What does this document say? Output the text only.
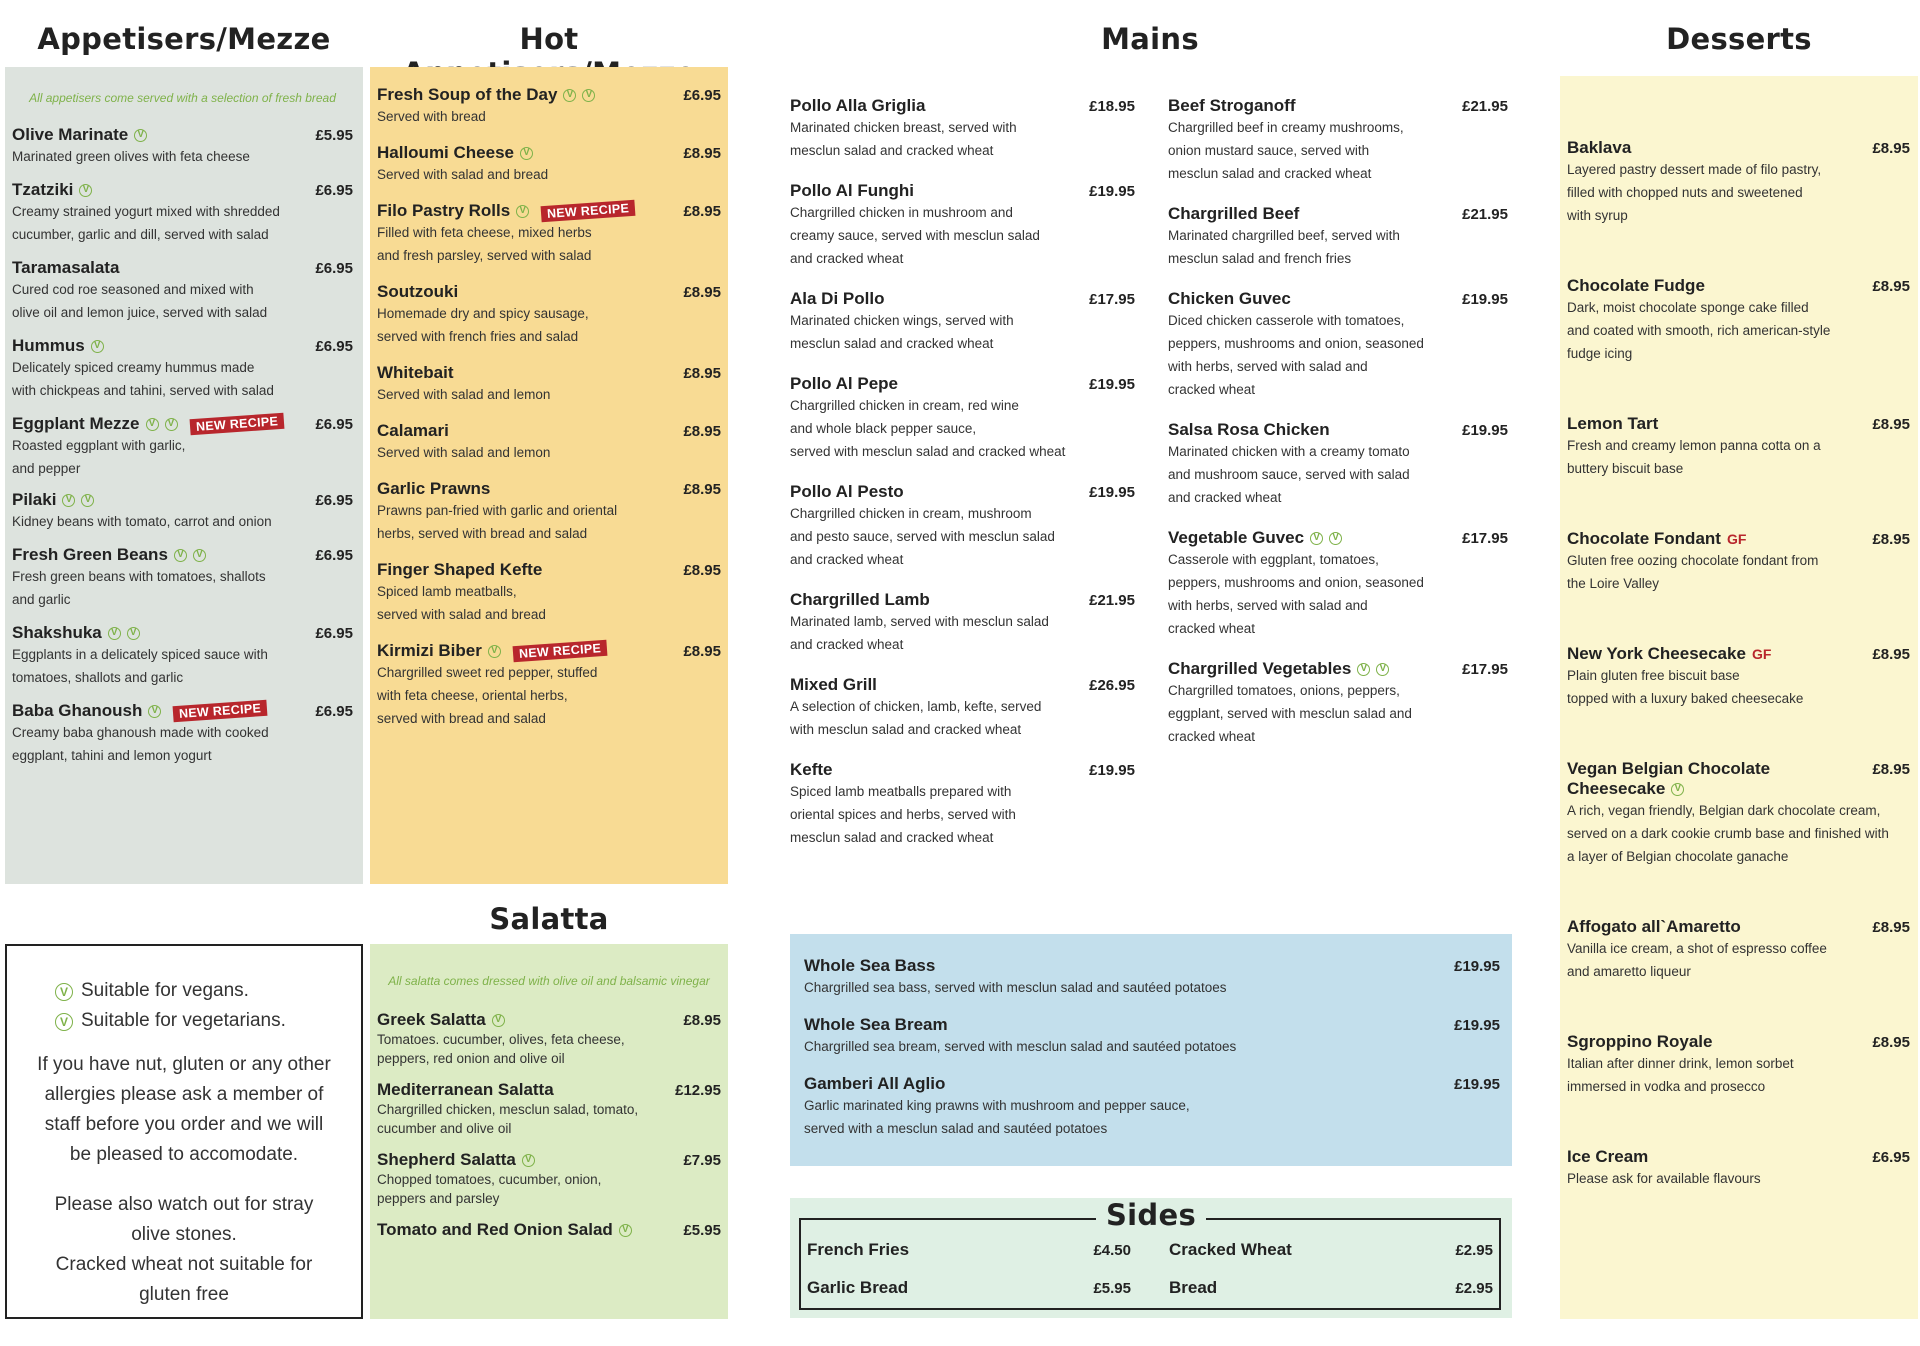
Appetisers/Mezze	Hot	Mains	Desserts
Salatta
All appetisers come served with a selection of fresh bread
Olive Marinate V	£5.95
Marinated green olives with feta cheese
Tzatziki V	£6.95
Creamy strained yogurt mixed with shredded
cucumber, garlic and dill, served with salad
Taramasalata	£6.95
Cured cod roe seasoned and mixed with
olive oil and lemon juice, served with salad
Hummus V	£6.95
Delicately spiced creamy hummus made
with chickpeas and tahini, served with salad
Eggplant Mezze V	V	NEW RECIPE	£6.95
Roasted eggplant with garlic,
and pepper
Pilaki V	V	£6.95
Kidney beans with tomato, carrot and onion
Fresh Green Beans V	V	£6.95
Fresh green beans with tomatoes, shallots
and garlic
Shakshuka V	V	£6.95
Eggplants in a delicately spiced sauce with
tomatoes, shallots and garlic
Baba Ghanoush V	NEW RECIPE	£6.95
Creamy baba ghanoush made with cooked
eggplant, tahini and lemon yogurt
Fresh Soup of the Day V	V	£6.95
Served with bread
Halloumi Cheese V	£8.95
Served with salad and bread
Filo Pastry Rolls V	NEW RECIPE	£8.95
Filled with feta cheese, mixed herbs
and fresh parsley, served with salad
Soutzouki	£8.95
Homemade dry and spicy sausage,
served with french fries and salad
Whitebait	£8.95
Served with salad and lemon
Calamari	£8.95
Served with salad and lemon
Garlic Prawns	£8.95
Prawns pan-fried with garlic and oriental
herbs, served with bread and salad
Finger Shaped Kefte	£8.95
Spiced lamb meatballs,
served with salad and bread
Kirmizi Biber V	NEW RECIPE	£8.95
Chargrilled sweet red pepper, stuffed
with feta cheese, oriental herbs,
served with bread and salad
V Suitable for vegans.
V Suitable for vegetarians.
If you have nut, gluten or any other
allergies please ask a member of
staff before you order and we will
be pleased to accomodate.
Please also watch out for stray
olive stones.
Cracked wheat not suitable for
gluten free
All salatta comes dressed with olive oil and balsamic vinegar
Greek Salatta V	£8.95
Tomatoes. cucumber, olives, feta cheese,
peppers, red onion and olive oil
Mediterranean Salatta	£12.95
Chargrilled chicken, mesclun salad, tomato,
cucumber and olive oil
Shepherd Salatta V	£7.95
Chopped tomatoes, cucumber, onion,
peppers and parsley
Tomato and Red Onion Salad V	£5.95
Pollo Alla Griglia	£18.95
Marinated chicken breast, served with
mesclun salad and cracked wheat
Pollo Al Funghi	£19.95
Chargrilled chicken in mushroom and
creamy sauce, served with mesclun salad
and cracked wheat
Ala Di Pollo	£17.95
Marinated chicken wings, served with
mesclun salad and cracked wheat
Pollo Al Pepe	£19.95
Chargrilled chicken in cream, red wine
and whole black pepper sauce,
served with mesclun salad and cracked wheat
Pollo Al Pesto	£19.95
Chargrilled chicken in cream, mushroom
and pesto sauce, served with mesclun salad
and cracked wheat
Chargrilled Lamb	£21.95
Marinated lamb, served with mesclun salad
and cracked wheat
Mixed Grill	£26.95
A selection of chicken, lamb, kefte, served
with mesclun salad and cracked wheat
Kefte	£19.95
Spiced lamb meatballs prepared with
oriental spices and herbs, served with
mesclun salad and cracked wheat
Beef Stroganoff	£21.95
Chargrilled beef in creamy mushrooms,
onion mustard sauce, served with
mesclun salad and cracked wheat
Chargrilled Beef	£21.95
Marinated chargrilled beef, served with
mesclun salad and french fries
Chicken Guvec	£19.95
Diced chicken casserole with tomatoes,
peppers, mushrooms and onion, seasoned
with herbs, served with salad and
cracked wheat
Salsa Rosa Chicken	£19.95
Marinated chicken with a creamy tomato
and mushroom sauce, served with salad
and cracked wheat
Vegetable Guvec V	V	£17.95
Casserole with eggplant, tomatoes,
peppers, mushrooms and onion, seasoned
with herbs, served with salad and
cracked wheat
Chargrilled Vegetables V	V	£17.95
Chargrilled tomatoes, onions, peppers,
eggplant, served with mesclun salad and
cracked wheat
Whole Sea Bass	£19.95
Chargrilled sea bass, served with mesclun salad and sautéed potatoes
Whole Sea Bream	£19.95
Chargrilled sea bream, served with mesclun salad and sautéed potatoes
Gamberi All Aglio	£19.95
Garlic marinated king prawns with mushroom and pepper sauce,
served with a mesclun salad and sautéed potatoes
Sides
French Fries	£4.50 Cracked Wheat	£2.95
Garlic Bread	£5.95 Bread	£2.95
Baklava	£8.95
Layered pastry dessert made of filo pastry,
filled with chopped nuts and sweetened
with syrup
Chocolate Fudge	£8.95
Dark, moist chocolate sponge cake filled
and coated with smooth, rich american-style
fudge icing
Lemon Tart	£8.95
Fresh and creamy lemon panna cotta on a
buttery biscuit base
Chocolate Fondant GF	£8.95
Gluten free oozing chocolate fondant from
the Loire Valley
New York Cheesecake GF	£8.95
Plain gluten free biscuit base
topped with a luxury baked cheesecake
Vegan Belgian Chocolate	£8.95
Cheesecake V
A rich, vegan friendly, Belgian dark chocolate cream,
served on a dark cookie crumb base and finished with
a layer of Belgian chocolate ganache
Affogato all`Amaretto	£8.95
Vanilla ice cream, a shot of espresso coffee
and amaretto liqueur
Sgroppino Royale	£8.95
Italian after dinner drink, lemon sorbet
immersed in vodka and prosecco
Ice Cream	£6.95
Please ask for available flavours
